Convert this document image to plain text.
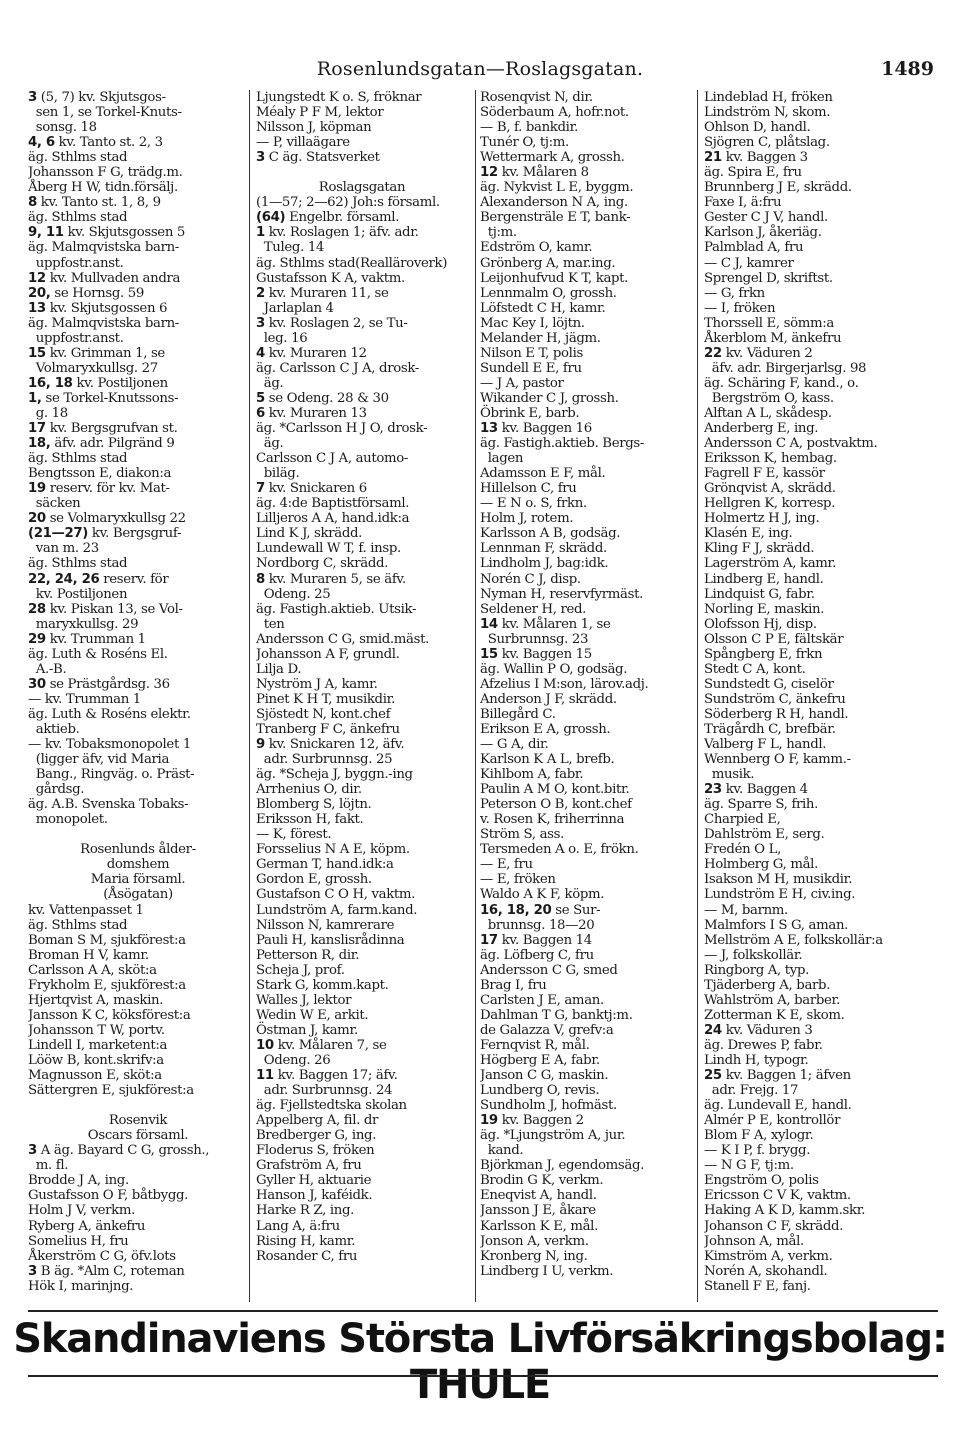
Rosenlundsgatan—Roslagsgatan.	1489
3 (5, 7) kv. Skjutsgos-
sen 1, se Torkel-Knuts-
sonsg. 18
4, 6 kv. Tanto st. 2, 3
äg. Sthlms stad
Johansson F G, trädg.m.
Åberg H W, tidn.försälj.
8 kv. Tanto st. 1, 8, 9
äg. Sthlms stad
9, 11 kv. Skjutsgossen 5
äg. Malmqvistska barn-
uppfostr.anst.
12 kv. Mullvaden andra
20, se Hornsg. 59
13 kv. Skjutsgossen 6
äg. Malmqvistska barn-
uppfostr.anst.
15 kv. Grimman 1, se
Volmaryxkullsg. 27
16, 18 kv. Postiljonen
1, se Torkel-Knutssons-
g. 18
17 kv. Bergsgrufvan st.
18, äfv. adr. Pilgränd 9
äg. Sthlms stad
Bengtsson E, diakon:a
19 reserv. för kv. Mat-
säcken
20 se Volmaryxkullsg 22
(21—27) kv. Bergsgruf-
van m. 23
äg. Sthlms stad
22, 24, 26 reserv. för
kv. Postiljonen
28 kv. Piskan 13, se Vol-
maryxkullsg. 29
29 kv. Trumman 1
äg. Luth & Roséns El.
A.-B.
30 se Prästgårdsg. 36
— kv. Trumman 1
äg. Luth & Roséns elektr.
aktieb.
— kv. Tobaksmonopolet 1
(ligger äfv, vid Maria
Bang., Ringväg. o. Präst-
gårdsg.
äg. A.B. Svenska Tobaks-
monopolet.
Rosenlunds ålder-
domshem
Maria församl.
(Åsögatan)
kv. Vattenpasset 1
äg. Sthlms stad
Boman S M, sjukförest:a
Broman H V, kamr.
Carlsson A A, sköt:a
Frykholm E, sjukförest:a
Hjertqvist A, maskin.
Jansson K C, köksförest:a
Johansson T W, portv.
Lindell I, marketent:a
Lööw B, kont.skrifv:a
Magnusson E, sköt:a
Sättergren E, sjukförest:a
Rosenvik
Oscars församl.
3 A äg. Bayard C G, grossh.,
m. fl.
Brodde J A, ing.
Gustafsson O F, båtbygg.
Holm J V, verkm.
Ryberg A, änkefru
Somelius H, fru
Åkerström C G, öfv.lots
3 B äg. *Alm C, roteman
Hök I, marinjng.
Ljungstedt K o. S, fröknar
Méaly P F M, lektor
Nilsson J, köpman
— P, villaägare
3 C äg. Statsverket
Roslagsgatan
(1—57; 2—62) Joh:s församl.
(64) Engelbr. församl.
1 kv. Roslagen 1; äfv. adr.
Tuleg. 14
äg. Sthlms stad(Realläroverk)
Gustafsson K A, vaktm.
2 kv. Muraren 11, se
Jarlaplan 4
3 kv. Roslagen 2, se Tu-
leg. 16
4 kv. Muraren 12
äg. Carlsson C J A, drosk-
äg.
5 se Odeng. 28 & 30
6 kv. Muraren 13
äg. *Carlsson H J O, drosk-
äg.
Carlsson C J A, automo-
biläg.
7 kv. Snickaren 6
äg. 4:de Baptistförsaml.
Lilljeros A A, hand.idk:a
Lind K J, skrädd.
Lundewall W T, f. insp.
Nordborg C, skrädd.
8 kv. Muraren 5, se äfv.
Odeng. 25
äg. Fastigh.aktieb. Utsik-
ten
Andersson C G, smid.mäst.
Johansson A F, grundl.
Lilja D.
Nyström J A, kamr.
Pinet K H T, musikdir.
Sjöstedt N, kont.chef
Tranberg F C, änkefru
9 kv. Snickaren 12, äfv.
adr. Surbrunnsg. 25
äg. *Scheja J, byggn.-ing
Arrhenius O, dir.
Blomberg S, löjtn.
Eriksson H, fakt.
— K, förest.
Forsselius N A E, köpm.
German T, hand.idk:a
Gordon E, grossh.
Gustafson C O H, vaktm.
Lundström A, farm.kand.
Nilsson N, kamrerare
Pauli H, kanslisrådinna
Petterson R, dir.
Scheja J, prof.
Stark G, komm.kapt.
Walles J, lektor
Wedin W E, arkit.
Östman J, kamr.
10 kv. Målaren 7, se
Odeng. 26
11 kv. Baggen 17; äfv.
adr. Surbrunnsg. 24
äg. Fjellstedtska skolan
Appelberg A, fil. dr
Bredberger G, ing.
Floderus S, fröken
Grafström A, fru
Gyller H, aktuarie
Hanson J, kaféidk.
Harke R Z, ing.
Lang A, ä:fru
Rising H, kamr.
Rosander C, fru
Rosenqvist N, dir.
Söderbaum A, hofr.not.
— B, f. bankdir.
Tunér O, tj:m.
Wettermark A, grossh.
12 kv. Målaren 8
äg. Nykvist L E, byggm.
Alexanderson N A, ing.
Bergensträle E T, bank-
tj:m.
Edström O, kamr.
Grönberg A, mar.ing.
Leijonhufvud K T, kapt.
Lennmalm O, grossh.
Löfstedt C H, kamr.
Mac Key I, löjtn.
Melander H, jägm.
Nilson E T, polis
Sundell E E, fru
— J A, pastor
Wikander C J, grossh.
Öbrink E, barb.
13 kv. Baggen 16
äg. Fastigh.aktieb. Bergs-
lagen
Adamsson E F, mål.
Hillelson C, fru
— E N o. S, frkn.
Holm J, rotem.
Karlsson A B, godsäg.
Lennman F, skrädd.
Lindholm J, bag:idk.
Norén C J, disp.
Nyman H, reservfyrmäst.
Seldener H, red.
14 kv. Målaren 1, se
Surbrunnsg. 23
15 kv. Baggen 15
äg. Wallin P O, godsäg.
Afzelius I M:son, lärov.adj.
Anderson J F, skrädd.
Billegård C.
Erikson E A, grossh.
— G A, dir.
Karlson K A L, brefb.
Kihlbom A, fabr.
Paulin A M O, kont.bitr.
Peterson O B, kont.chef
v. Rosen K, friherrinna
Ström S, ass.
Tersmeden A o. E, frökn.
— E, fru
— E, fröken
Waldo A K F, köpm.
16, 18, 20 se Sur-
brunnsg. 18—20
17 kv. Baggen 14
äg. Löfberg C, fru
Andersson C G, smed
Brag I, fru
Carlsten J E, aman.
Dahlman T G, banktj:m.
de Galazza V, grefv:a
Fernqvist R, mål.
Högberg E A, fabr.
Janson C G, maskin.
Lundberg O, revis.
Sundholm J, hofmäst.
19 kv. Baggen 2
äg. *Ljungström A, jur.
kand.
Björkman J, egendomsäg.
Brodin G K, verkm.
Eneqvist A, handl.
Jansson J E, åkare
Karlsson K E, mål.
Jonson A, verkm.
Kronberg N, ing.
Lindberg I U, verkm.
Lindeblad H, fröken
Lindström N, skom.
Ohlson D, handl.
Sjögren C, plåtslag.
21 kv. Baggen 3
äg. Spira E, fru
Brunnberg J E, skrädd.
Faxe I, ä:fru
Gester C J V, handl.
Karlson J, åkeriäg.
Palmblad A, fru
— C J, kamrer
Sprengel D, skriftst.
— G, frkn
— I, fröken
Thorssell E, sömm:a
Åkerblom M, änkefru
22 kv. Väduren 2
äfv. adr. Birgerjarlsg. 98
äg. Schäring F, kand., o.
Bergström O, kass.
Alftan A L, skådesp.
Anderberg E, ing.
Andersson C A, postvaktm.
Eriksson K, hembag.
Fagrell F E, kassör
Grönqvist A, skrädd.
Hellgren K, korresp.
Holmertz H J, ing.
Klasén E, ing.
Kling F J, skrädd.
Lagerström A, kamr.
Lindberg E, handl.
Lindquist G, fabr.
Norling E, maskin.
Olofsson Hj, disp.
Olsson C P E, fältskär
Spångberg E, frkn
Stedt C A, kont.
Sundstedt G, ciselör
Sundström C, änkefru
Söderberg R H, handl.
Trägårdh C, brefbär.
Valberg F L, handl.
Wennberg O F, kamm.-
musik.
23 kv. Baggen 4
äg. Sparre S, frih.
Charpied E,
Dahlström E, serg.
Fredén O L,
Holmberg G, mål.
Isakson M H, musikdir.
Lundström E H, civ.ing.
— M, barnm.
Malmfors I S G, aman.
Mellström A E, folkskollär:a
— J, folkskollär.
Ringborg A, typ.
Tjäderberg A, barb.
Wahlström A, barber.
Zotterman K E, skom.
24 kv. Väduren 3
äg. Drewes P, fabr.
Lindh H, typogr.
25 kv. Baggen 1; äfven
adr. Frejg. 17
äg. Lundevall E, handl.
Almér P E, kontrollör
Blom F A, xylogr.
— K I P, f. brygg.
— N G F, tj:m.
Engström O, polis
Ericsson C V K, vaktm.
Haking A K D, kamm.skr.
Johanson C F, skrädd.
Johnson A, mål.
Kimström A, verkm.
Norén A, skohandl.
Stanell F E, fanj.
Skandinaviens Största Livförsäkringsbolag: THULE
